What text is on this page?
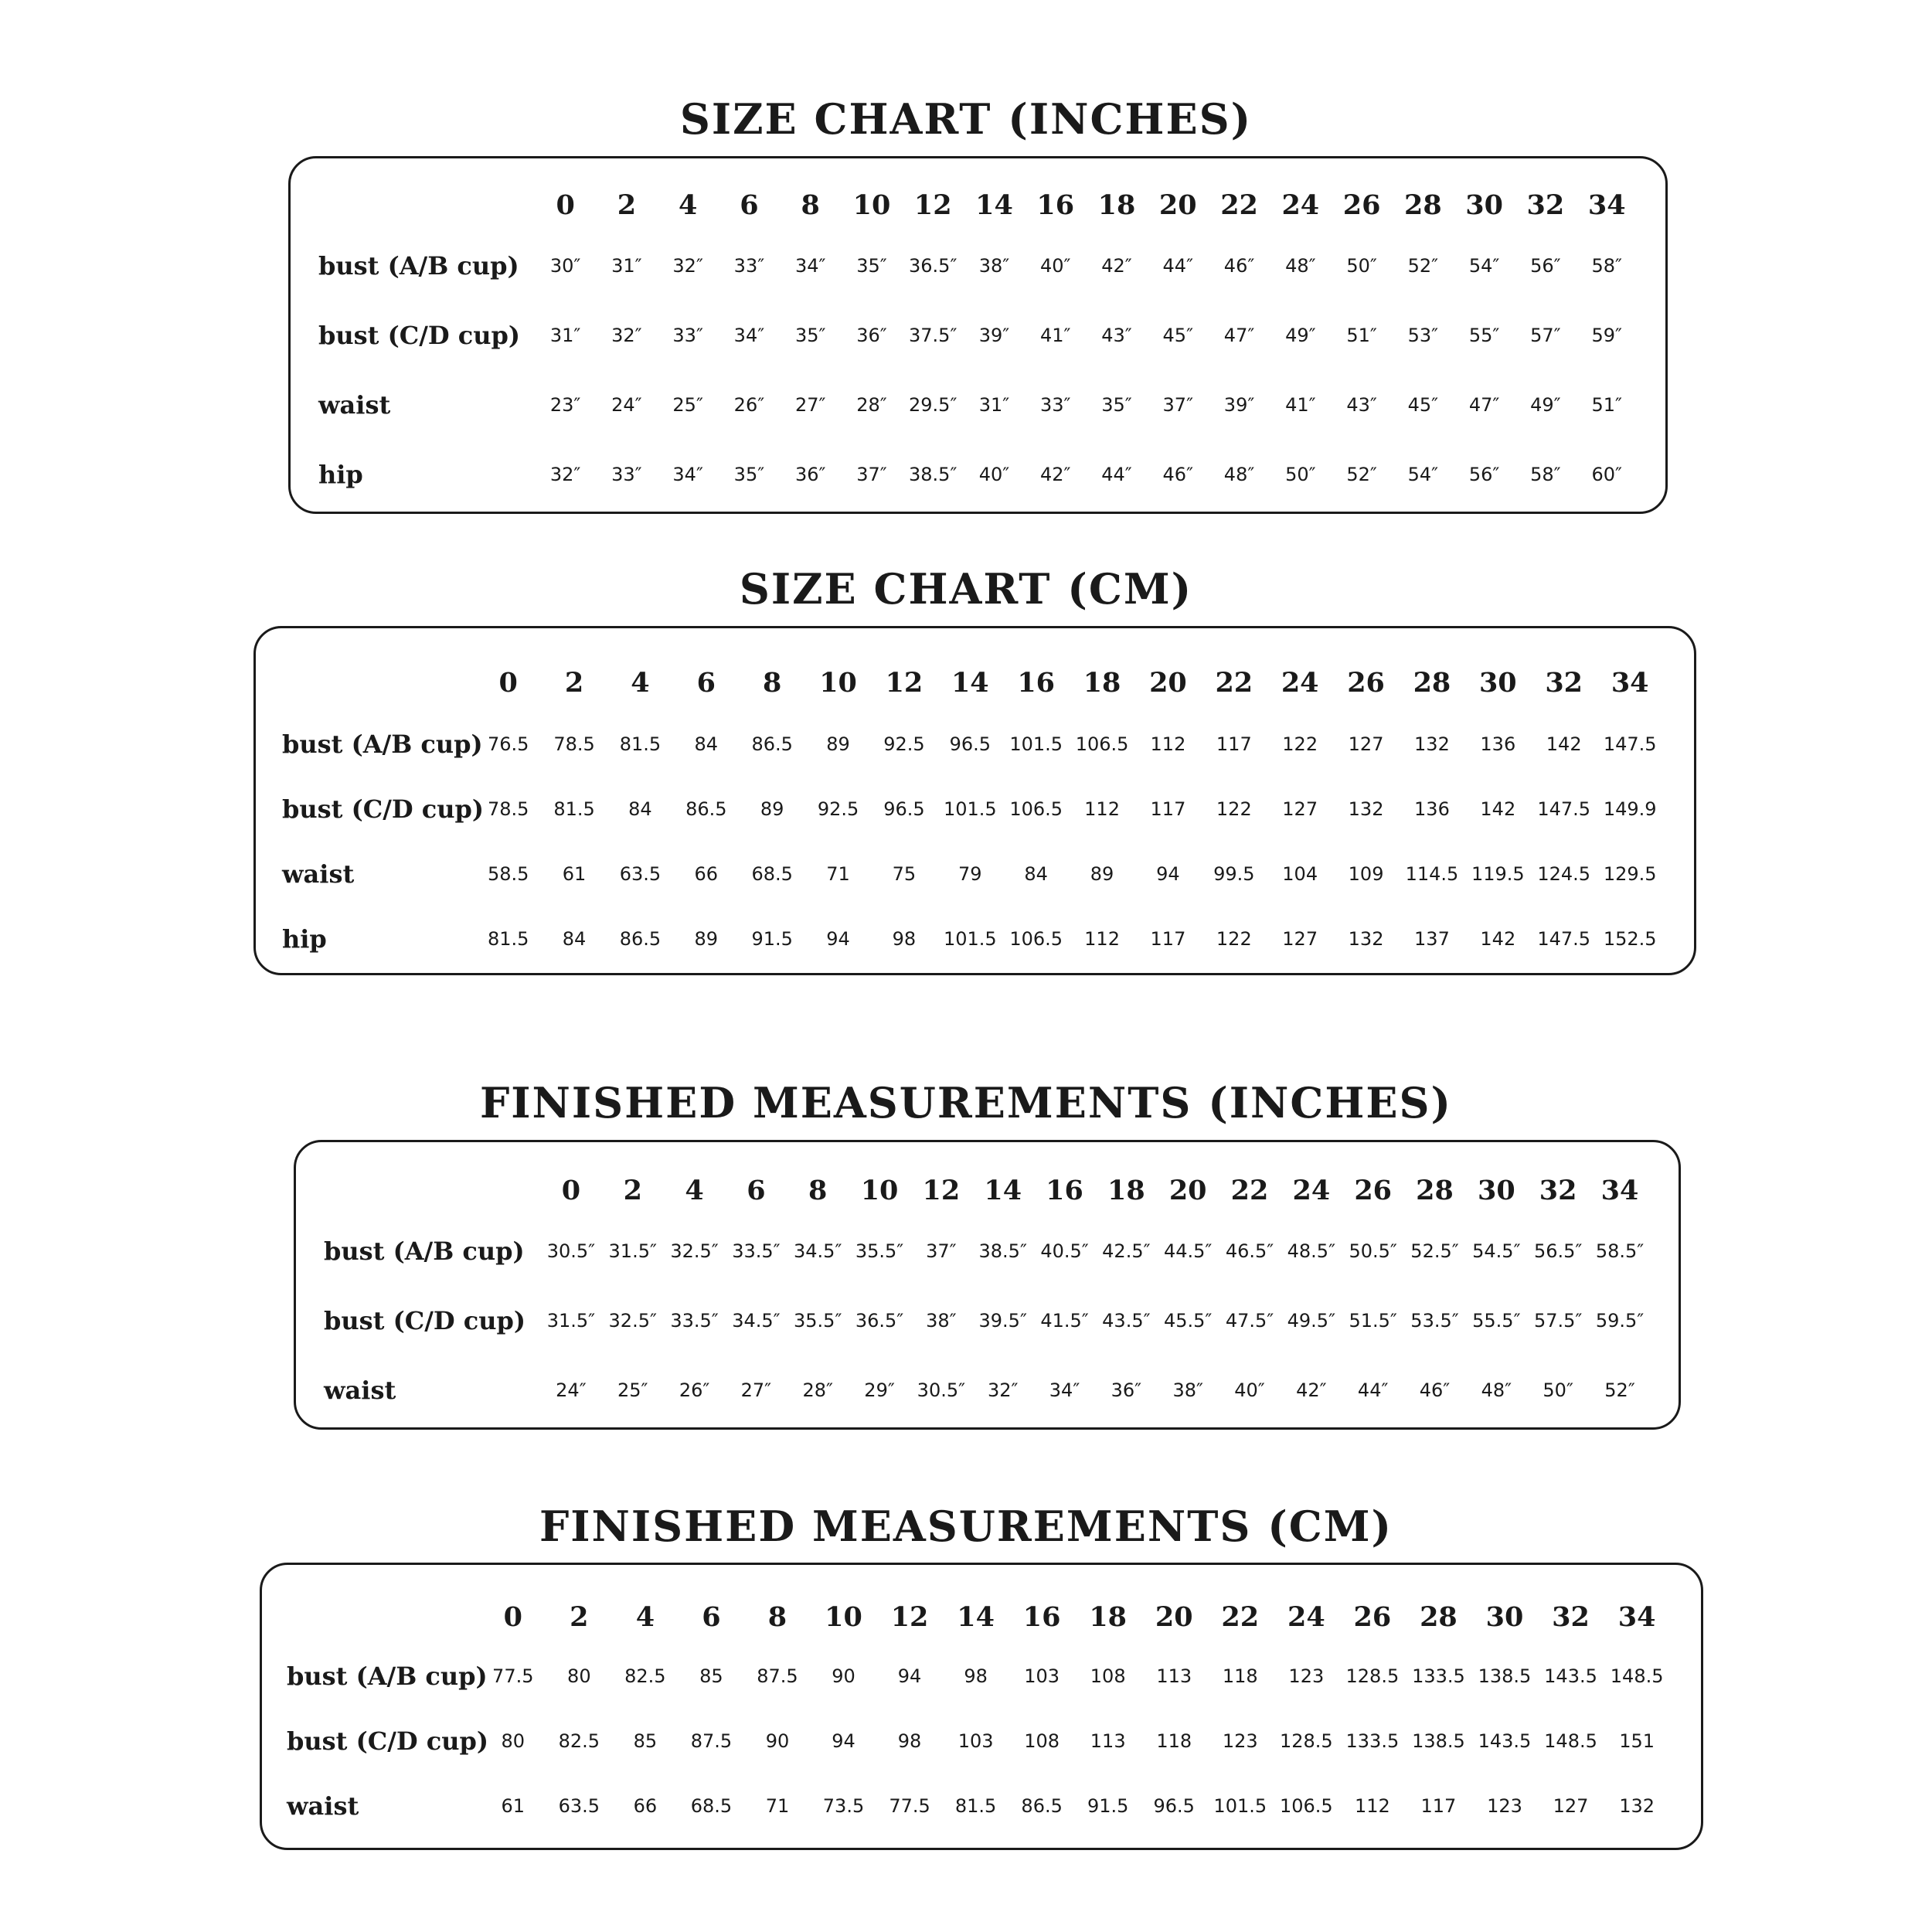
SIZE CHART (INCHES)
	0	2	4	6	8	10	12	14	16	18	20	22	24	26	28	30	32	34
bust (A/B cup)	30″	31″	32″	33″	34″	35″	36.5″	38″	40″	42″	44″	46″	48″	50″	52″	54″	56″	58″
bust (C/D cup)	31″	32″	33″	34″	35″	36″	37.5″	39″	41″	43″	45″	47″	49″	51″	53″	55″	57″	59″
waist	23″	24″	25″	26″	27″	28″	29.5″	31″	33″	35″	37″	39″	41″	43″	45″	47″	49″	51″
hip	32″	33″	34″	35″	36″	37″	38.5″	40″	42″	44″	46″	48″	50″	52″	54″	56″	58″	60″
SIZE CHART (CM)
	0	2	4	6	8	10	12	14	16	18	20	22	24	26	28	30	32	34
bust (A/B cup)	76.5	78.5	81.5	84	86.5	89	92.5	96.5	101.5	106.5	112	117	122	127	132	136	142	147.5
bust (C/D cup)	78.5	81.5	84	86.5	89	92.5	96.5	101.5	106.5	112	117	122	127	132	136	142	147.5	149.9
waist	58.5	61	63.5	66	68.5	71	75	79	84	89	94	99.5	104	109	114.5	119.5	124.5	129.5
hip	81.5	84	86.5	89	91.5	94	98	101.5	106.5	112	117	122	127	132	137	142	147.5	152.5
FINISHED MEASUREMENTS (INCHES)
	0	2	4	6	8	10	12	14	16	18	20	22	24	26	28	30	32	34
bust (A/B cup)	30.5″	31.5″	32.5″	33.5″	34.5″	35.5″	37″	38.5″	40.5″	42.5″	44.5″	46.5″	48.5″	50.5″	52.5″	54.5″	56.5″	58.5″
bust (C/D cup)	31.5″	32.5″	33.5″	34.5″	35.5″	36.5″	38″	39.5″	41.5″	43.5″	45.5″	47.5″	49.5″	51.5″	53.5″	55.5″	57.5″	59.5″
waist	24″	25″	26″	27″	28″	29″	30.5″	32″	34″	36″	38″	40″	42″	44″	46″	48″	50″	52″
FINISHED MEASUREMENTS (CM)
	0	2	4	6	8	10	12	14	16	18	20	22	24	26	28	30	32	34
bust (A/B cup)	77.5	80	82.5	85	87.5	90	94	98	103	108	113	118	123	128.5	133.5	138.5	143.5	148.5
bust (C/D cup)	80	82.5	85	87.5	90	94	98	103	108	113	118	123	128.5	133.5	138.5	143.5	148.5	151
waist	61	63.5	66	68.5	71	73.5	77.5	81.5	86.5	91.5	96.5	101.5	106.5	112	117	123	127	132
